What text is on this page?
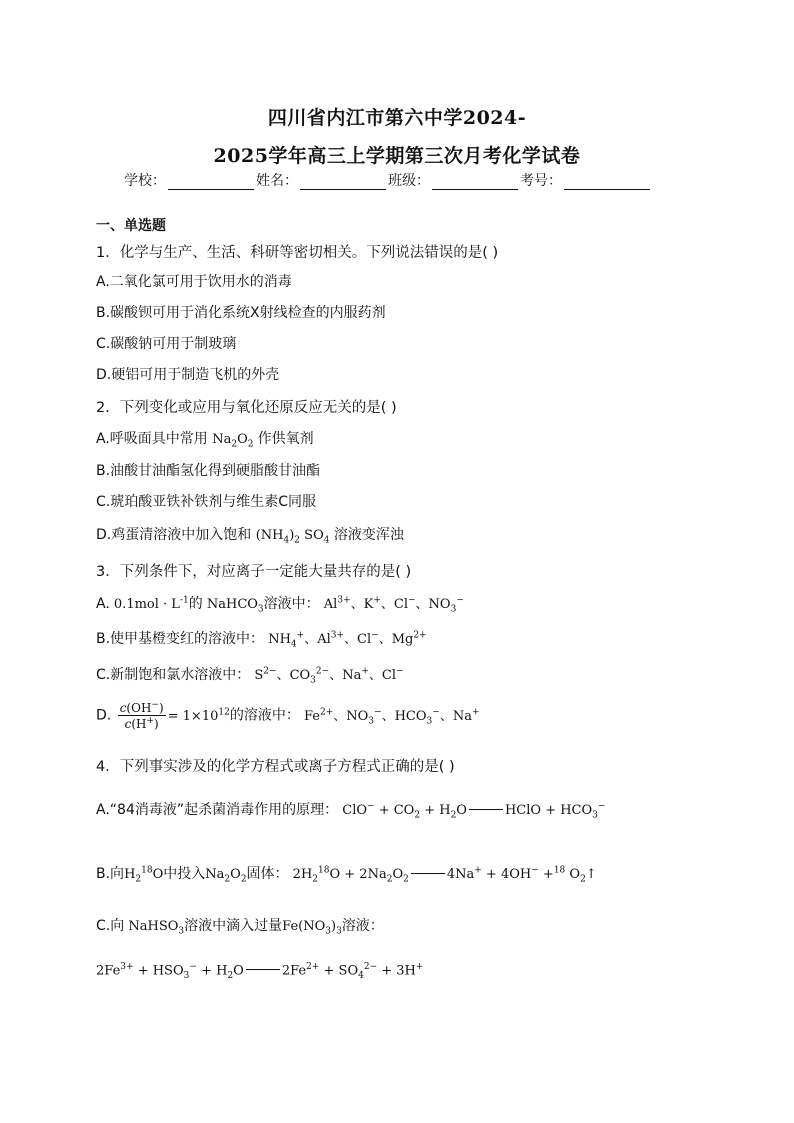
四川省内江市第六中学2024-
2025学年高三上学期第三次月考化学试卷
学校：	姓名：	班级：	考号：
一、单选题
1．化学与生产、生活、科研等密切相关。下列说法错误的是( )
A.二氧化氯可用于饮用水的消毒
B.碳酸钡可用于消化系统X射线检查的内服药剂
C.碳酸钠可用于制玻璃
D.硬铝可用于制造飞机的外壳
2．下列变化或应用与氧化还原反应无关的是( )
A.呼吸面具中常用 $Na_2O_2$ 作供氧剂
B.油酸甘油酯氢化得到硬脂酸甘油酯
C.琥珀酸亚铁补铁剂与维生素C同服
D.鸡蛋清溶液中加入饱和 $(NH_4)_2$ $SO_4$ 溶液变浑浊
3．下列条件下，对应离子一定能大量共存的是( )
A. $0.1mol \cdot L^{-1}$的 NaHCO$_3$溶液中： $Al^{3+}$、K+、Cl−、$NO_3^-$
B.使甲基橙变红的溶液中： $NH_4^+$、$Al^{3+}$、Cl−、$Mg^{2+}$
C.新制饱和氯水溶液中： $S^{2-}$、$CO_3^{2-}$、Na+、Cl−
D. $\frac{c(OH^-)}{c(H^+)} = 1\times 10^{12}$的溶液中： $Fe^{2+}$、$NO_3^-$、$HCO_3^-$、Na+
4．下列事实涉及的化学方程式或离子方程式正确的是( )
A.“84消毒液”起杀菌消毒作用的原理： $ClO^- + CO_2 + H_2O$	HClO + $HCO_3^-$
B.向$H_2^{18}O$中投入$Na_2O_2$固体： $2H_2^{18}O + 2Na_2O_2$	4Na+ + 4OH− +$^{18}$ $O_2↑$
C.向 NaHSO$_3$溶液中滴入过量$Fe(NO_3)_3$溶液：
$2Fe^{3+} + HSO_3^- + H_2O$	$2Fe^{2+} + SO_4^{2-} + 3H^+$
